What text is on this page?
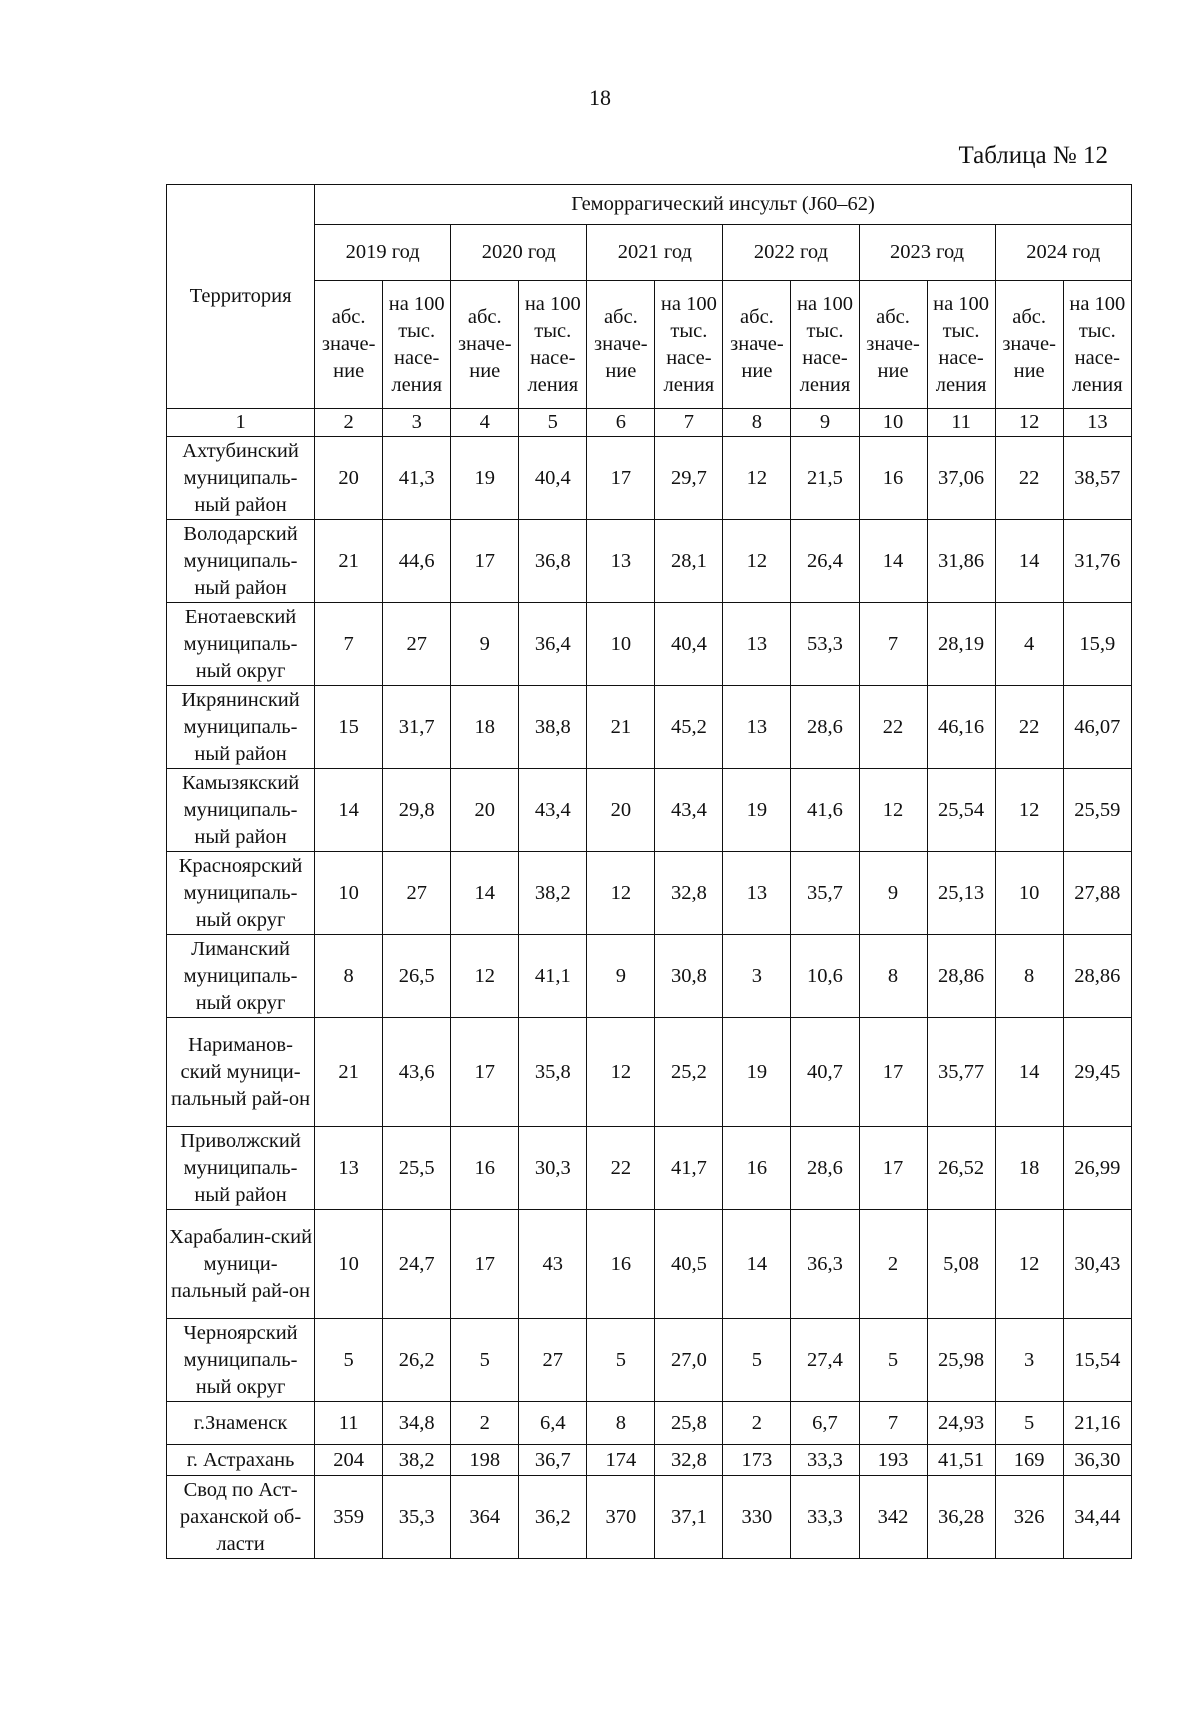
18
Таблица № 12
Территория	Геморрагический инсульт (J60–62)											
	2019 год		2020 год		2021 год		2022 год		2023 год		2024 год	
	абс. значе-ние	на 100 тыс. насе-ления	абс. значе-ние	на 100 тыс. насе-ления	абс. значе-ние	на 100 тыс. насе-ления	абс. значе-ние	на 100 тыс. насе-ления	абс. значе-ние	на 100 тыс. насе-ления	абс. значе-ние	на 100 тыс. насе-ления
1	2	3	4	5	6	7	8	9	10	11	12	13
Ахтубинский муниципаль-ный район	20	41,3	19	40,4	17	29,7	12	21,5	16	37,06	22	38,57
Володарский муниципаль-ный район	21	44,6	17	36,8	13	28,1	12	26,4	14	31,86	14	31,76
Енотаевский муниципаль-ный округ	7	27	9	36,4	10	40,4	13	53,3	7	28,19	4	15,9
Икрянинский муниципаль-ный район	15	31,7	18	38,8	21	45,2	13	28,6	22	46,16	22	46,07
Камызякский муниципаль-ный район	14	29,8	20	43,4	20	43,4	19	41,6	12	25,54	12	25,59
Красноярский муниципаль-ный округ	10	27	14	38,2	12	32,8	13	35,7	9	25,13	10	27,88
Лиманский муниципаль-ный округ	8	26,5	12	41,1	9	30,8	3	10,6	8	28,86	8	28,86
Нариманов-ский муници-пальный рай-он	21	43,6	17	35,8	12	25,2	19	40,7	17	35,77	14	29,45
Приволжский муниципаль-ный район	13	25,5	16	30,3	22	41,7	16	28,6	17	26,52	18	26,99
Харабалин-ский муници-пальный рай-он	10	24,7	17	43	16	40,5	14	36,3	2	5,08	12	30,43
Черноярский муниципаль-ный округ	5	26,2	5	27	5	27,0	5	27,4	5	25,98	3	15,54
г.Знаменск	11	34,8	2	6,4	8	25,8	2	6,7	7	24,93	5	21,16
г. Астрахань	204	38,2	198	36,7	174	32,8	173	33,3	193	41,51	169	36,30
Свод по Аст-раханской об-ласти	359	35,3	364	36,2	370	37,1	330	33,3	342	36,28	326	34,44
